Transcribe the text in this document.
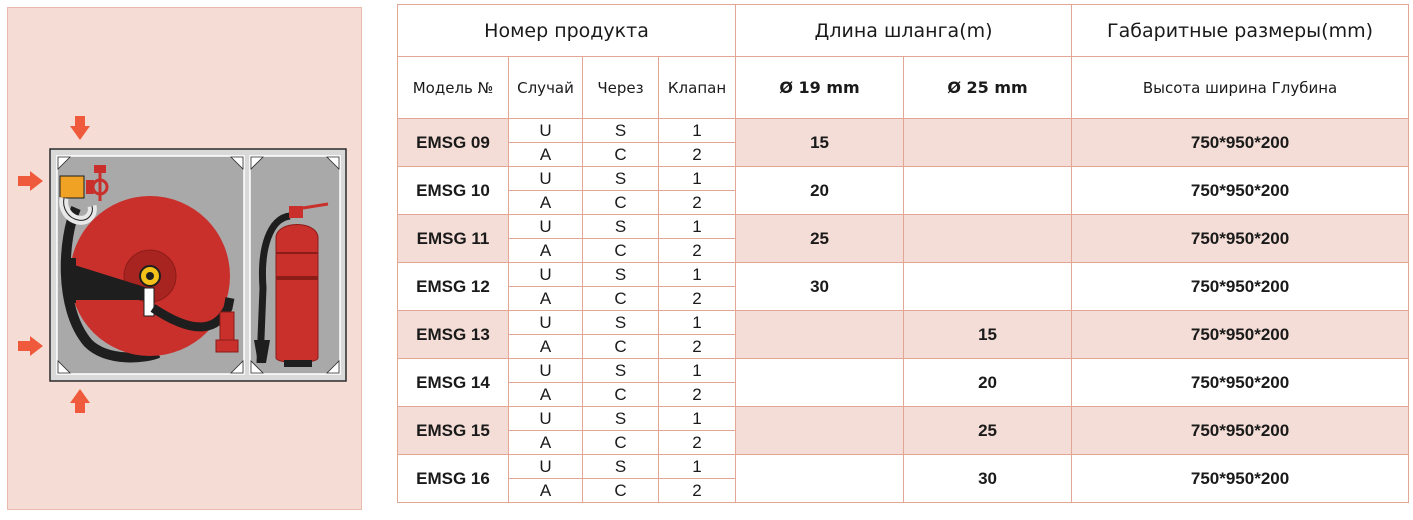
Номер продукта				Длина шланга(m)		Габаритные размеры(mm)
Модель №	Случай	Через	Клапан	Ø 19 mm	Ø 25 mm	Высота ширина Глубина
EMSG 09	U	S	1	15		750*950*200
	A	C	2			
EMSG 10	U	S	1	20		750*950*200
	A	C	2			
EMSG 11	U	S	1	25		750*950*200
	A	C	2			
EMSG 12	U	S	1	30		750*950*200
	A	C	2			
EMSG 13	U	S	1		15	750*950*200
	A	C	2			
EMSG 14	U	S	1		20	750*950*200
	A	C	2			
EMSG 15	U	S	1		25	750*950*200
	A	C	2			
EMSG 16	U	S	1		30	750*950*200
	A	C	2			
